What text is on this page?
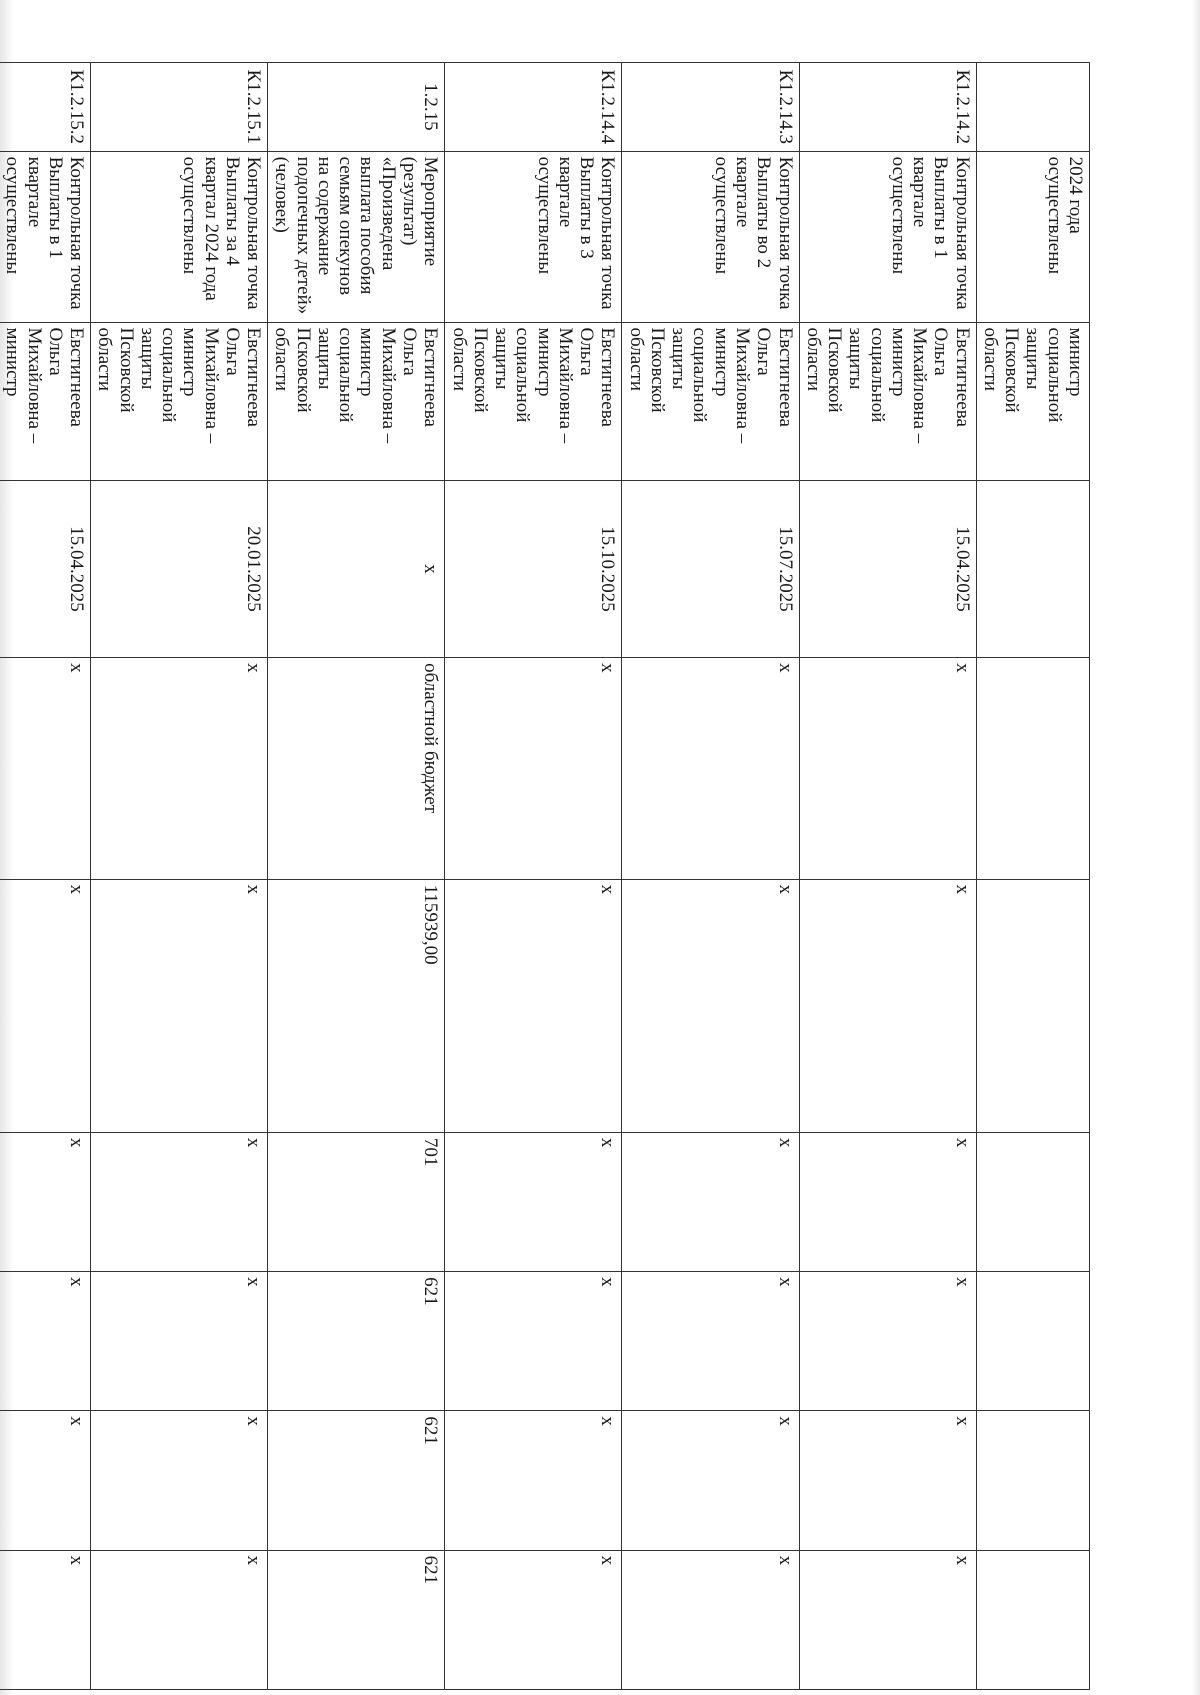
	2024 года осуществлены	министр социальной защиты Псковской области							
К1.2.14.2	Контрольная точка Выплаты в 1 квартале осуществлены	Евстигнеева Ольга Михайловна – министр социальной защиты Псковской области	15.04.2025	х	х	х	х	х	х
К1.2.14.3	Контрольная точка Выплаты во 2 квартале осуществлены	Евстигнеева Ольга Михайловна – министр социальной защиты Псковской области	15.07.2025	х	х	х	х	х	х
К1.2.14.4	Контрольная точка Выплаты в 3 квартале осуществлены	Евстигнеева Ольга Михайловна – министр социальной защиты Псковской области	15.10.2025	х	х	х	х	х	х
1.2.15	Мероприятие (результат) «Произведена выплата пособия семьям опекунов на содержание подопечных детей» (человек)	Евстигнеева Ольга Михайловна – министр социальной защиты Псковской области	х	областной бюджет	115939,00	701	621	621	621
К1.2.15.1	Контрольная точка Выплаты за 4 квартал 2024 года осуществлены	Евстигнеева Ольга Михайловна – министр социальной защиты Псковской области	20.01.2025	х	х	х	х	х	х
К1.2.15.2	Контрольная точка Выплаты в 1 квартале осуществлены	Евстигнеева Ольга Михайловна – министр	15.04.2025	х	х	х	х	х	х
